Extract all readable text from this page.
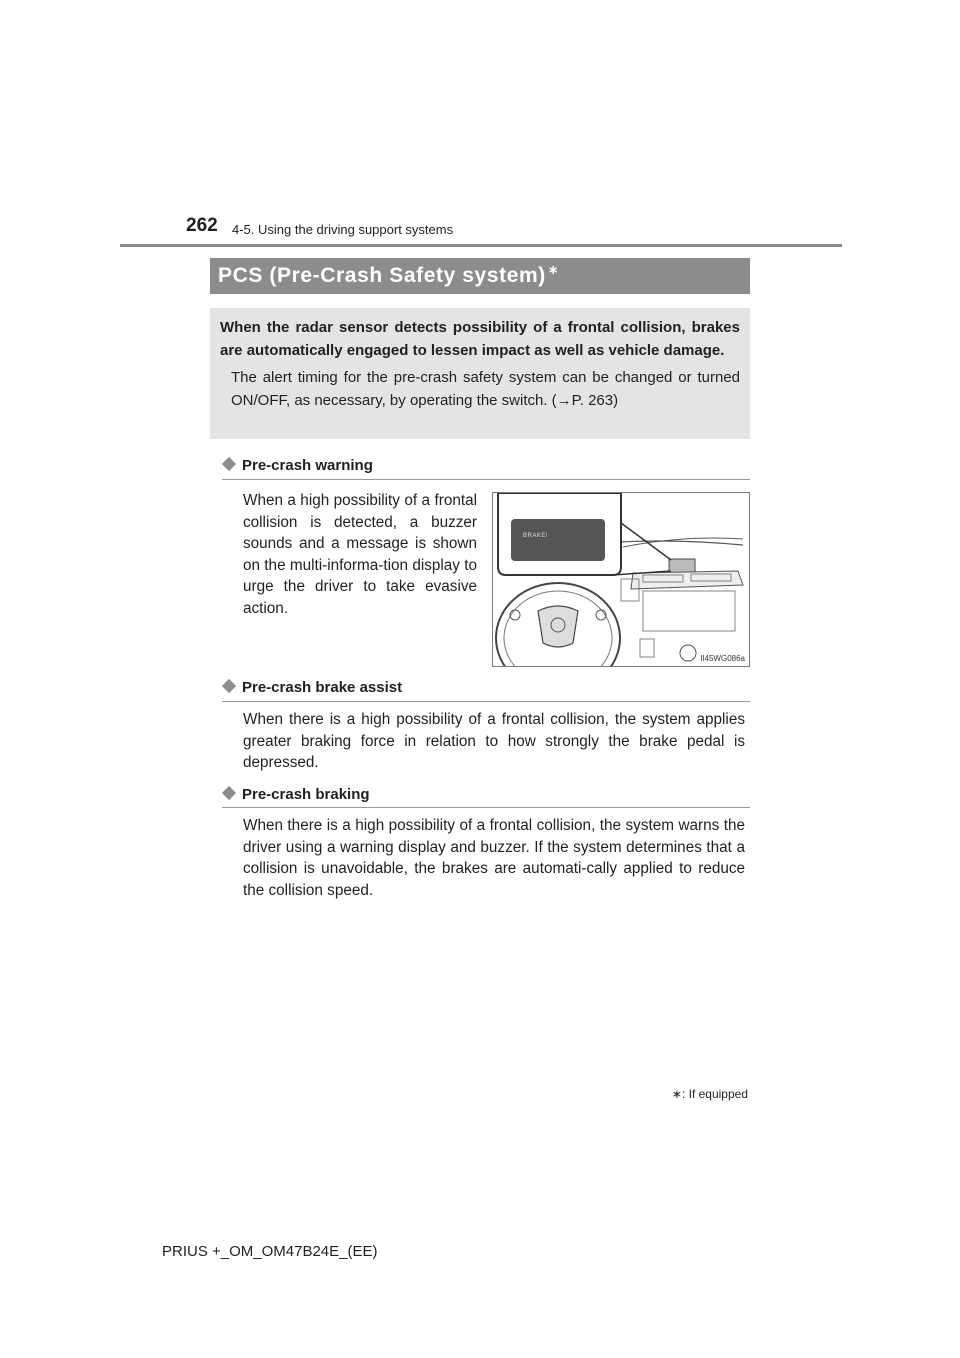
262 4-5. Using the driving support systems
PCS (Pre-Crash Safety system) ∗
When the radar sensor detects possibility of a frontal collision, brakes are automatically engaged to lessen impact as well as vehicle damage.
The alert timing for the pre-crash safety system can be changed or turned ON/OFF, as necessary, by operating the switch. (→P. 263)
Pre-crash warning
When a high possibility of a frontal collision is detected, a buzzer sounds and a message is shown on the multi-informa-tion display to urge the driver to take evasive action.
BRAKE!
Il45WG086a
Pre-crash brake assist
When there is a high possibility of a frontal collision, the system applies greater braking force in relation to how strongly the brake pedal is depressed.
Pre-crash braking
When there is a high possibility of a frontal collision, the system warns the driver using a warning display and buzzer. If the system determines that a collision is unavoidable, the brakes are automati-cally applied to reduce the collision speed.
∗: If equipped
PRIUS +_OM_OM47B24E_(EE)
